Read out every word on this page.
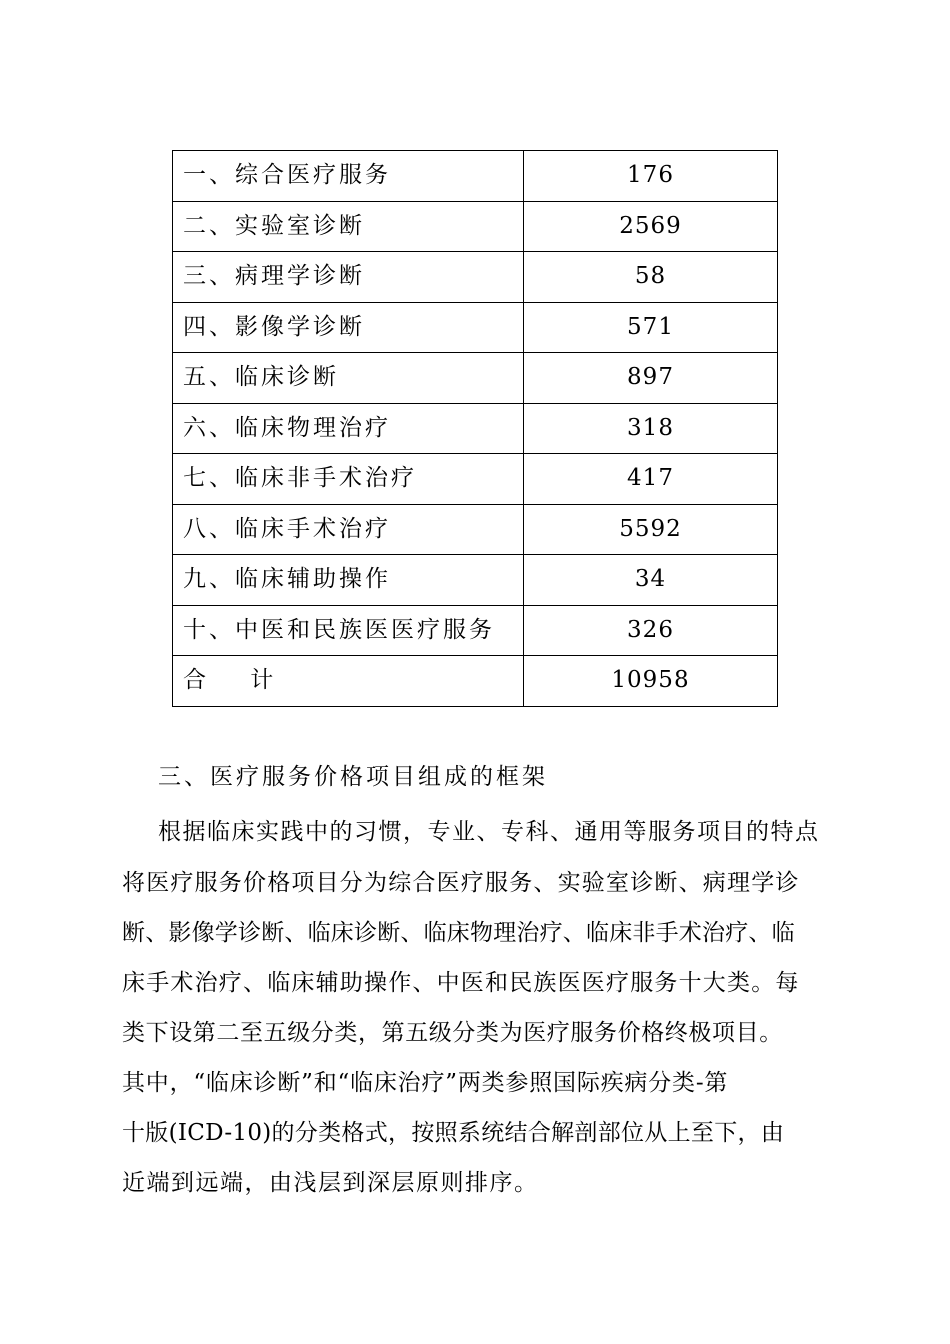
一、综合医疗服务	176
二、实验室诊断	2569
三、病理学诊断	58
四、影像学诊断	571
五、临床诊断	897
六、临床物理治疗	318
七、临床非手术治疗	417
八、临床手术治疗	5592
九、临床辅助操作	34
十、中医和民族医医疗服务	326
合    计	10958
三、医疗服务价格项目组成的框架

根据临床实践中的习惯，专业、专科、通用等服务项目的特点

将医疗服务价格项目分为综合医疗服务、实验室诊断、病理学诊

断、影像学诊断、临床诊断、临床物理治疗、临床非手术治疗、临

床手术治疗、临床辅助操作、中医和民族医医疗服务十大类。每

类下设第二至五级分类，第五级分类为医疗服务价格终极项目。

其中，“临床诊断”和“临床治疗”两类参照国际疾病分类-第

十版(ICD-10)的分类格式，按照系统结合解剖部位从上至下，由

近端到远端，由浅层到深层原则排序。
